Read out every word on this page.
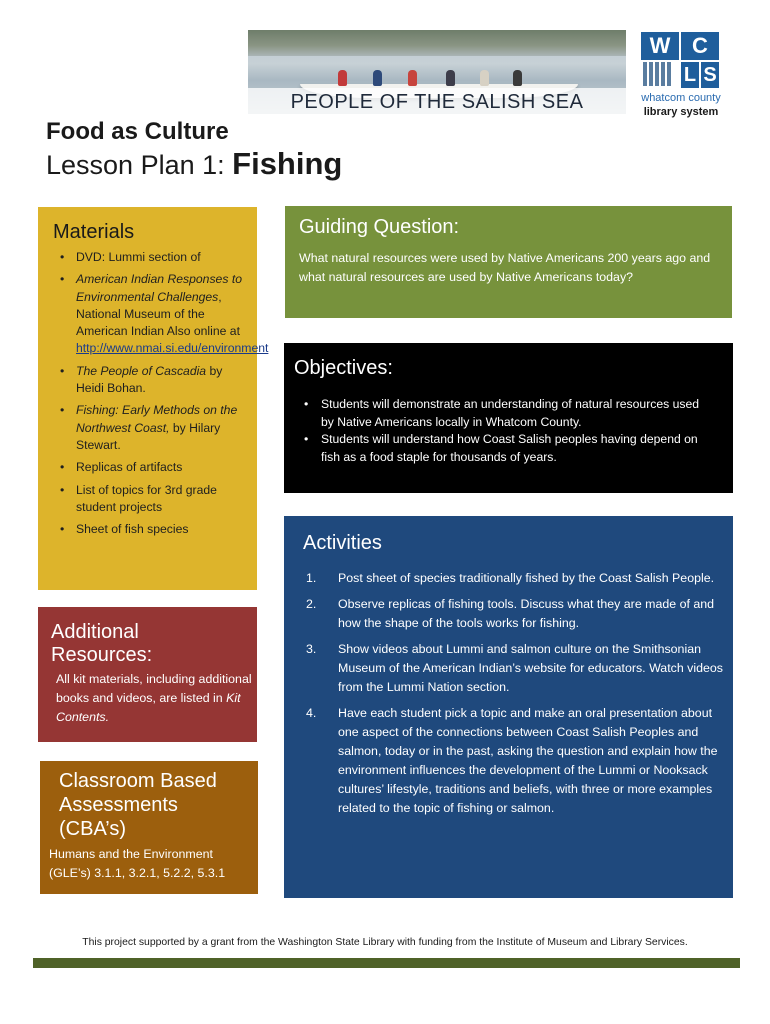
PEOPLE OF THE SALISH SEA
W C
L S
whatcom county
library system
Food as Culture
Lesson Plan 1: Fishing
Materials
• DVD: Lummi section of
• American Indian Responses to Environmental Challenges, National Museum of the American Indian Also online at http://www.nmai.si.edu/environment
• The People of Cascadia by Heidi Bohan.
• Fishing: Early Methods on the Northwest Coast, by Hilary Stewart.
• Replicas of artifacts
• List of topics for 3rd grade student projects
• Sheet of fish species
Additional
Resources:

All kit materials, including additional books and videos, are listed in Kit Contents.

Classroom Based
Assessments
(CBA’s)

Humans and the Environment
(GLE’s) 3.1.1, 3.2.1, 5.2.2, 5.3.1

Guiding Question:

What natural resources were used by Native Americans 200 years ago and what natural resources are used by Native Americans today?

Objectives:
• Students will demonstrate an understanding of natural resources used by Native Americans locally in Whatcom County.
• Students will understand how Coast Salish peoples having depend on fish as a food staple for thousands of years.
Activities
1. Post sheet of species traditionally fished by the Coast Salish People.
2. Observe replicas of fishing tools. Discuss what they are made of and how the shape of the tools works for fishing.
3. Show videos about Lummi and salmon culture on the Smithsonian Museum of the American Indian’s website for educators. Watch videos from the Lummi Nation section.
4. Have each student pick a topic and make an oral presentation about one aspect of the connections between Coast Salish Peoples and salmon, today or in the past, asking the question and explain how the environment influences the development of the Lummi or Nooksack cultures’ lifestyle, traditions and beliefs, with three or more examples related to the topic of fishing or salmon.
This project supported by a grant from the Washington State Library with funding from the Institute of Museum and Library Services.
